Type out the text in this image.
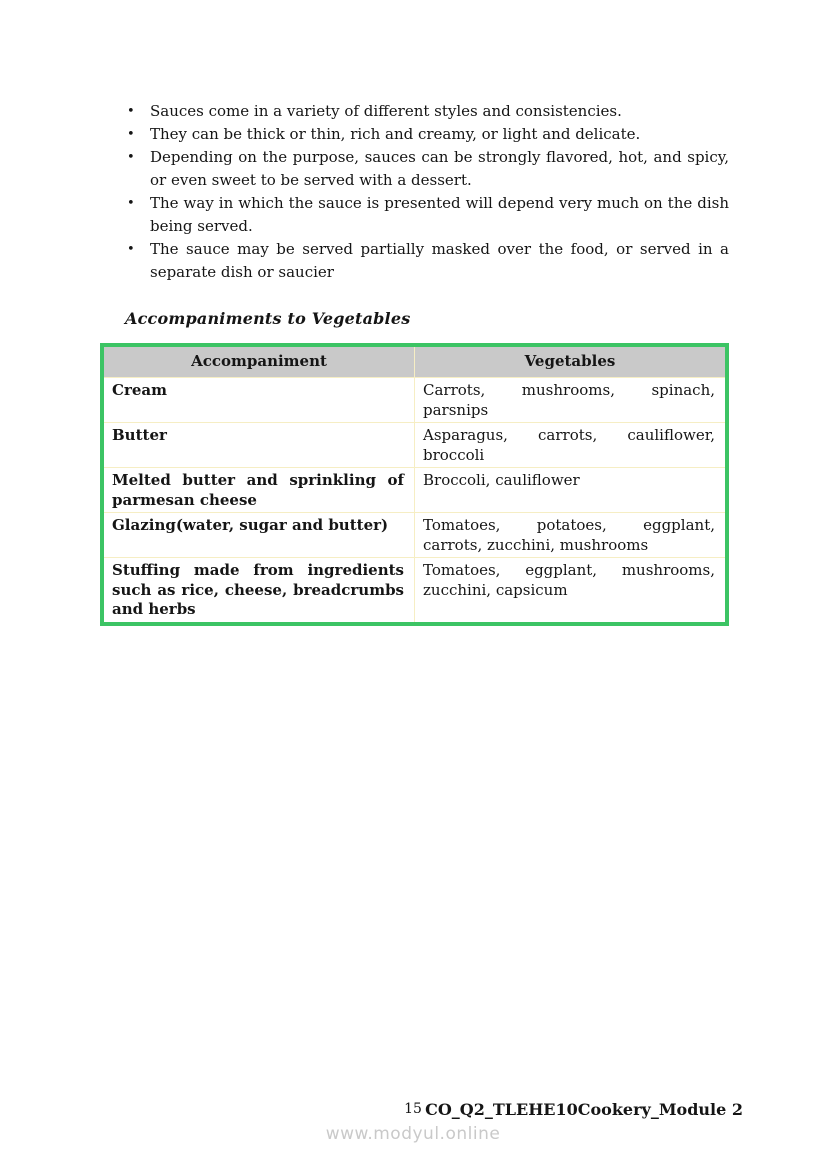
•	Sauces come in a variety of different styles and consistencies.
•	They can be thick or thin, rich and creamy, or light and delicate.
•	Depending on the purpose, sauces can be strongly flavored, hot, and spicy, or even sweet to be served with a dessert.
•	The way in which the sauce is presented will depend very much on the dish being served.
•	The sauce may be served partially masked over the food, or served in a separate dish or saucier
Accompaniments to Vegetables
Accompaniment	Vegetables

Cream	Carrots, mushrooms, spinach, parsnips

Butter	Asparagus, carrots, cauliflower, broccoli

Melted butter and sprinkling of parmesan cheese	Broccoli, cauliflower

Glazing(water, sugar and butter)	Tomatoes, potatoes, eggplant, carrots, zucchini, mushrooms

Stuffing made from ingredients such as rice, cheese, breadcrumbs and herbs	Tomatoes, eggplant, mushrooms, zucchini, capsicum
15 CO_Q2_TLEHE10Cookery_Module 2
www.modyul.online
